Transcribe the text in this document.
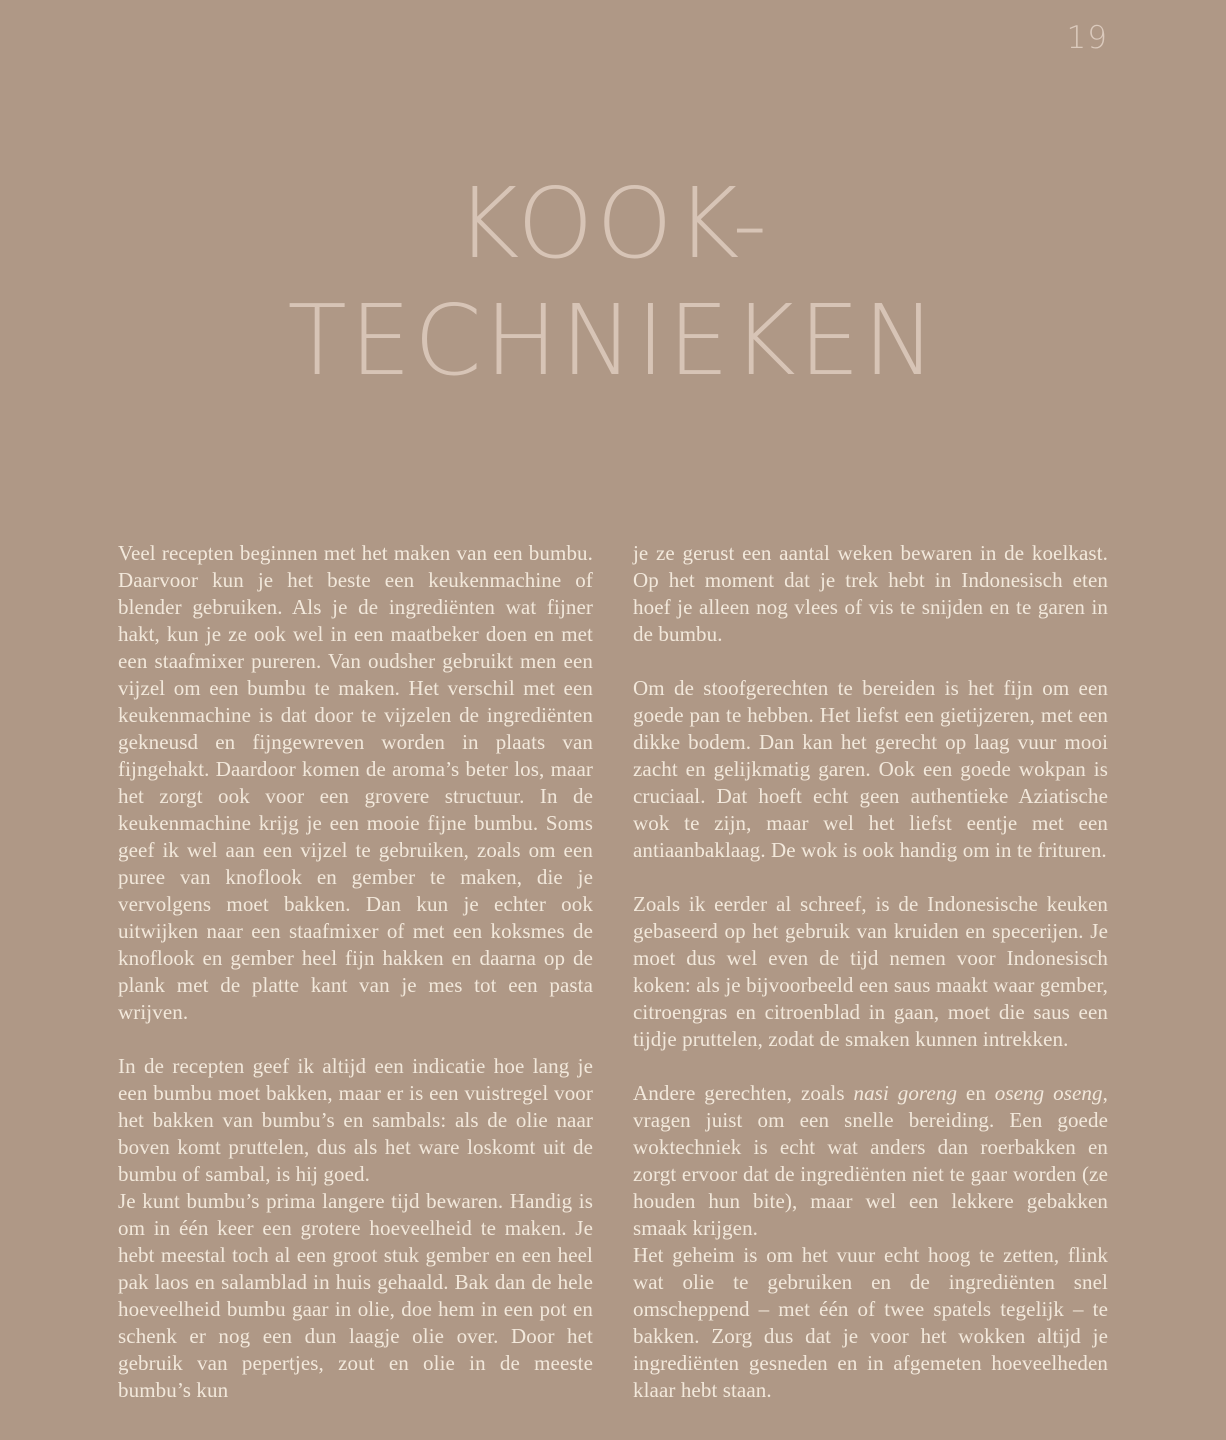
19
KOOK-
TECHNIEKEN

Veel recepten beginnen met het maken van een bumbu. Daarvoor kun je het beste een keukenmachine of blender gebruiken. Als je de ingrediënten wat fijner hakt, kun je ze ook wel in een maatbeker doen en met een staafmixer pureren. Van oudsher gebruikt men een vijzel om een bumbu te maken. Het verschil met een keukenmachine is dat door te vijzelen de ingrediënten gekneusd en fijngewreven worden in plaats van fijngehakt. Daardoor komen de aroma’s beter los, maar het zorgt ook voor een grovere structuur. In de keukenmachine krijg je een mooie fijne bumbu. Soms geef ik wel aan een vijzel te gebruiken, zoals om een puree van knoflook en gember te maken, die je vervolgens moet bakken. Dan kun je echter ook uitwijken naar een staafmixer of met een koksmes de knoflook en gember heel fijn hakken en daarna op de plank met de platte kant van je mes tot een pasta wrijven.

In de recepten geef ik altijd een indicatie hoe lang je een bumbu moet bakken, maar er is een vuistregel voor het bakken van bumbu’s en sambals: als de olie naar boven komt pruttelen, dus als het ware loskomt uit de bumbu of sambal, is hij goed.

Je kunt bumbu’s prima langere tijd bewaren. Handig is om in één keer een grotere hoeveelheid te maken. Je hebt meestal toch al een groot stuk gember en een heel pak laos en salamblad in huis gehaald. Bak dan de hele hoeveelheid bumbu gaar in olie, doe hem in een pot en schenk er nog een dun laagje olie over. Door het gebruik van pepertjes, zout en olie in de meeste bumbu’s kun

je ze gerust een aantal weken bewaren in de koelkast. Op het moment dat je trek hebt in Indonesisch eten hoef je alleen nog vlees of vis te snijden en te garen in de bumbu.

Om de stoofgerechten te bereiden is het fijn om een goede pan te hebben. Het liefst een gietijzeren, met een dikke bodem. Dan kan het gerecht op laag vuur mooi zacht en gelijkmatig garen. Ook een goede wokpan is cruciaal. Dat hoeft echt geen authentieke Aziatische wok te zijn, maar wel het liefst eentje met een antiaanbaklaag. De wok is ook handig om in te frituren.

Zoals ik eerder al schreef, is de Indonesische keuken gebaseerd op het gebruik van kruiden en specerijen. Je moet dus wel even de tijd nemen voor Indonesisch koken: als je bijvoorbeeld een saus maakt waar gember, citroengras en citroenblad in gaan, moet die saus een tijdje pruttelen, zodat de smaken kunnen intrekken.

Andere gerechten, zoals nasi goreng en oseng oseng, vragen juist om een snelle bereiding. Een goede woktechniek is echt wat anders dan roerbakken en zorgt ervoor dat de ingrediënten niet te gaar worden (ze houden hun bite), maar wel een lekkere gebakken smaak krijgen.

Het geheim is om het vuur echt hoog te zetten, flink wat olie te gebruiken en de ingrediënten snel omscheppend – met één of twee spatels tegelijk – te bakken. Zorg dus dat je voor het wokken altijd je ingrediënten gesneden en in afgemeten hoeveelheden klaar hebt staan.
